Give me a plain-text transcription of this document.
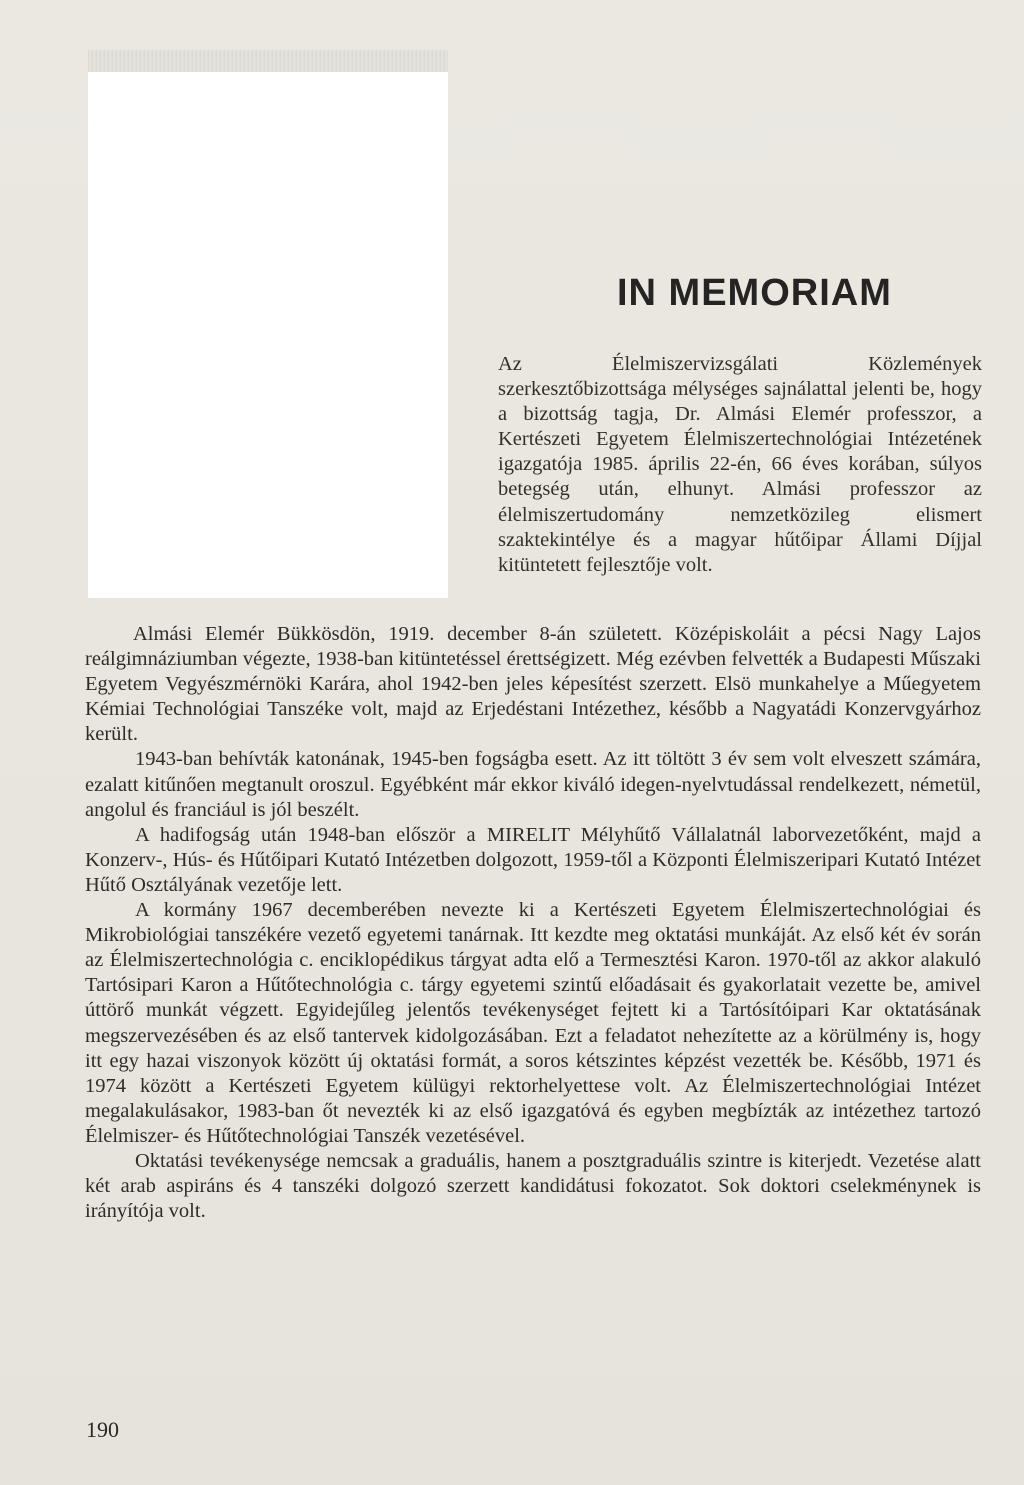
IN MEMORIAM

Az Élelmiszervizsgálati Közlemények szerkesztőbizottsága mélységes sajnálattal jelenti be, hogy a bizottság tagja, Dr. Almási Elemér professzor, a Kertészeti Egyetem Élelmiszertechnológiai Intézetének igazgatója 1985. április 22-én, 66 éves korában, súlyos betegség után, elhunyt. Almási professzor az élelmiszertudomány nemzetközileg elismert szaktekintélye és a magyar hűtőipar Állami Díjjal kitüntetett fejlesztője volt.

Almási Elemér Bükkösdön, 1919. december 8-án született. Középiskoláit a pécsi Nagy Lajos reálgimnáziumban végezte, 1938-ban kitüntetéssel érettségizett. Még ezévben felvették a Budapesti Műszaki Egyetem Vegyészmérnöki Karára, ahol 1942-ben jeles képesítést szerzett. Elsö munkahelye a Műegyetem Kémiai Technológiai Tanszéke volt, majd az Erjedéstani Intézethez, később a Nagyatádi Konzervgyárhoz került.

1943-ban behívták katonának, 1945-ben fogságba esett. Az itt töltött 3 év sem volt elveszett számára, ezalatt kitűnően megtanult oroszul. Egyébként már ekkor kiváló idegen-nyelvtudással rendelkezett, németül, angolul és franciául is jól beszélt.

A hadifogság után 1948-ban először a MIRELIT Mélyhűtő Vállalatnál laborvezetőként, majd a Konzerv-, Hús- és Hűtőipari Kutató Intézetben dolgozott, 1959-től a Központi Élelmiszeripari Kutató Intézet Hűtő Osztályának vezetője lett.

A kormány 1967 decemberében nevezte ki a Kertészeti Egyetem Élelmiszertechnológiai és Mikrobiológiai tanszékére vezető egyetemi tanárnak. Itt kezdte meg oktatási munkáját. Az első két év során az Élelmiszertechnológia c. enciklopédikus tárgyat adta elő a Termesztési Karon. 1970-től az akkor alakuló Tartósipari Karon a Hűtőtechnológia c. tárgy egyetemi szintű előadásait és gyakorlatait vezette be, amivel úttörő munkát végzett. Egyidejűleg jelentős tevékenységet fejtett ki a Tartósítóipari Kar oktatásának megszervezésében és az első tantervek kidolgozásában. Ezt a feladatot nehezítette az a körülmény is, hogy itt egy hazai viszonyok között új oktatási formát, a soros kétszintes képzést vezették be. Később, 1971 és 1974 között a Kertészeti Egyetem külügyi rektorhelyettese volt. Az Élelmiszertechnológiai Intézet megalakulásakor, 1983-ban őt nevezték ki az első igazgatóvá és egyben megbízták az intézethez tartozó Élelmiszer- és Hűtőtechnológiai Tanszék vezetésével.

Oktatási tevékenysége nemcsak a graduális, hanem a posztgraduális szintre is kiterjedt. Vezetése alatt két arab aspiráns és 4 tanszéki dolgozó szerzett kandidátusi fokozatot. Sok doktori cselekménynek is irányítója volt.

190
